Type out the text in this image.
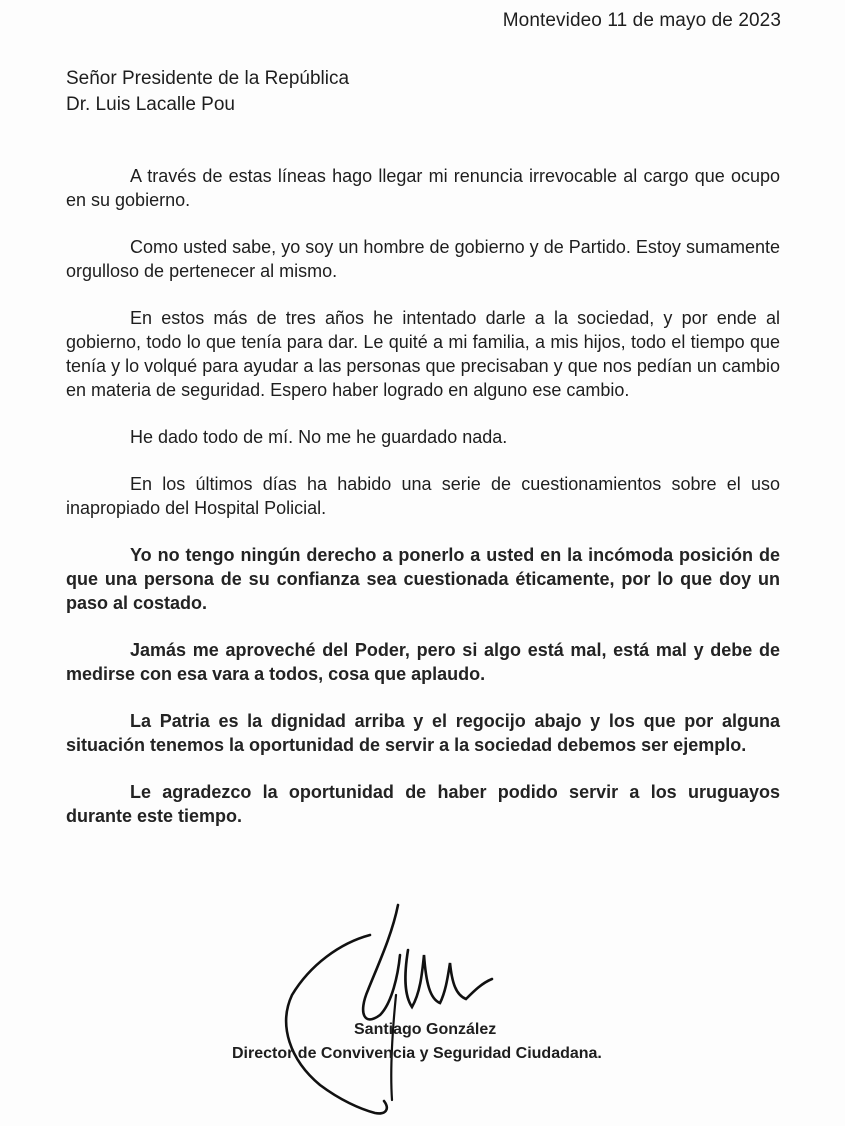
Montevideo 11 de mayo de 2023
Señor Presidente de la República
Dr. Luis Lacalle Pou

A través de estas líneas hago llegar mi renuncia irrevocable al cargo que ocupo en su gobierno.

Como usted sabe, yo soy un hombre de gobierno y de Partido. Estoy sumamente orgulloso de pertenecer al mismo.

En estos más de tres años he intentado darle a la sociedad, y por ende al gobierno, todo lo que tenía para dar. Le quité a mi familia, a mis hijos, todo el tiempo que tenía y lo volqué para ayudar a las personas que precisaban y que nos pedían un cambio en materia de seguridad. Espero haber logrado en alguno ese cambio.

He dado todo de mí. No me he guardado nada.

En los últimos días ha habido una serie de cuestionamientos sobre el uso inapropiado del Hospital Policial.

Yo no tengo ningún derecho a ponerlo a usted en la incómoda posición de que una persona de su confianza sea cuestionada éticamente, por lo que doy un paso al costado.

Jamás me aproveché del Poder, pero si algo está mal, está mal y debe de medirse con esa vara a todos, cosa que aplaudo.

La Patria es la dignidad arriba y el regocijo abajo y los que por alguna situación tenemos la oportunidad de servir a la sociedad debemos ser ejemplo.

Le agradezco la oportunidad de haber podido servir a los uruguayos durante este tiempo.

Santiago González
Director de Convivencia y Seguridad Ciudadana.
